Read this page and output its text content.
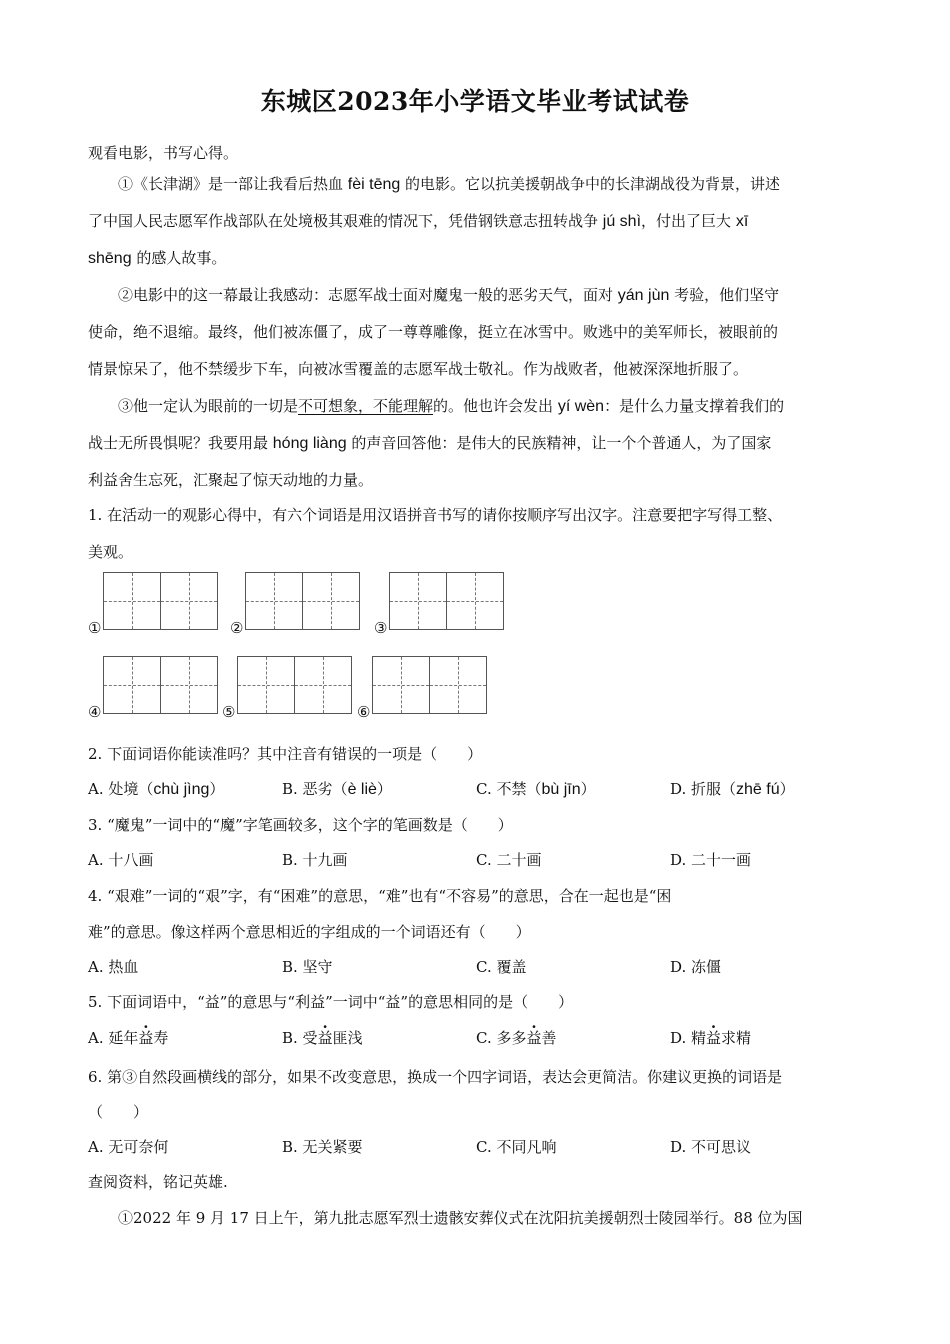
东城区2023年小学语文毕业考试试卷
观看电影，书写心得。
①《长津湖》是一部让我看后热血 fèi tēng 的电影。它以抗美援朝战争中的长津湖战役为背景，讲述
了中国人民志愿军作战部队在处境极其艰难的情况下，凭借钢铁意志扭转战争 jú shì，付出了巨大 xī
shēng 的感人故事。
②电影中的这一幕最让我感动：志愿军战士面对魔鬼一般的恶劣天气，面对 yán jùn 考验，他们坚守
使命，绝不退缩。最终，他们被冻僵了，成了一尊尊雕像，挺立在冰雪中。败逃中的美军师长，被眼前的
情景惊呆了，他不禁缓步下车，向被冰雪覆盖的志愿军战士敬礼。作为战败者，他被深深地折服了。
③他一定认为眼前的一切是不可想象，不能理解的。他也许会发出 yí wèn：是什么力量支撑着我们的
战士无所畏惧呢？我要用最 hóng liàng 的声音回答他：是伟大的民族精神，让一个个普通人，为了国家
利益舍生忘死，汇聚起了惊天动地的力量。
1. 在活动一的观影心得中，有六个词语是用汉语拼音书写的请你按顺序写出汉字。注意要把字写得工整、
美观。
①	②	③
④	⑤	⑥
2. 下面词语你能读准吗？其中注音有错误的一项是（　　）
A. 处境（chù jìng）	B. 恶劣（è liè）	C. 不禁（bù jīn）	D. 折服（zhē fú）
3. “魔鬼”一词中的“魔”字笔画较多，这个字的笔画数是（　　）
A. 十八画	B. 十九画	C. 二十画	D. 二十一画
4. “艰难”一词的“艰”字，有“困难”的意思，“难”也有“不容易”的意思，合在一起也是“困
难”的意思。像这样两个意思相近的字组成的一个词语还有（　　）
A. 热血	B. 坚守	C. 覆盖	D. 冻僵
5. 下面词语中，“益”的意思与“利益”一词中“益”的意思相同的是（　　）
A. 延年益寿	B. 受益匪浅	C. 多多益善	D. 精益求精
6. 第③自然段画横线的部分，如果不改变意思，换成一个四字词语，表达会更简洁。你建议更换的词语是
（　　）
A. 无可奈何	B. 无关紧要	C. 不同凡响	D. 不可思议
查阅资料，铭记英雄.
①2022 年 9 月 17 日上午，第九批志愿军烈士遗骸安葬仪式在沈阳抗美援朝烈士陵园举行。88 位为国
